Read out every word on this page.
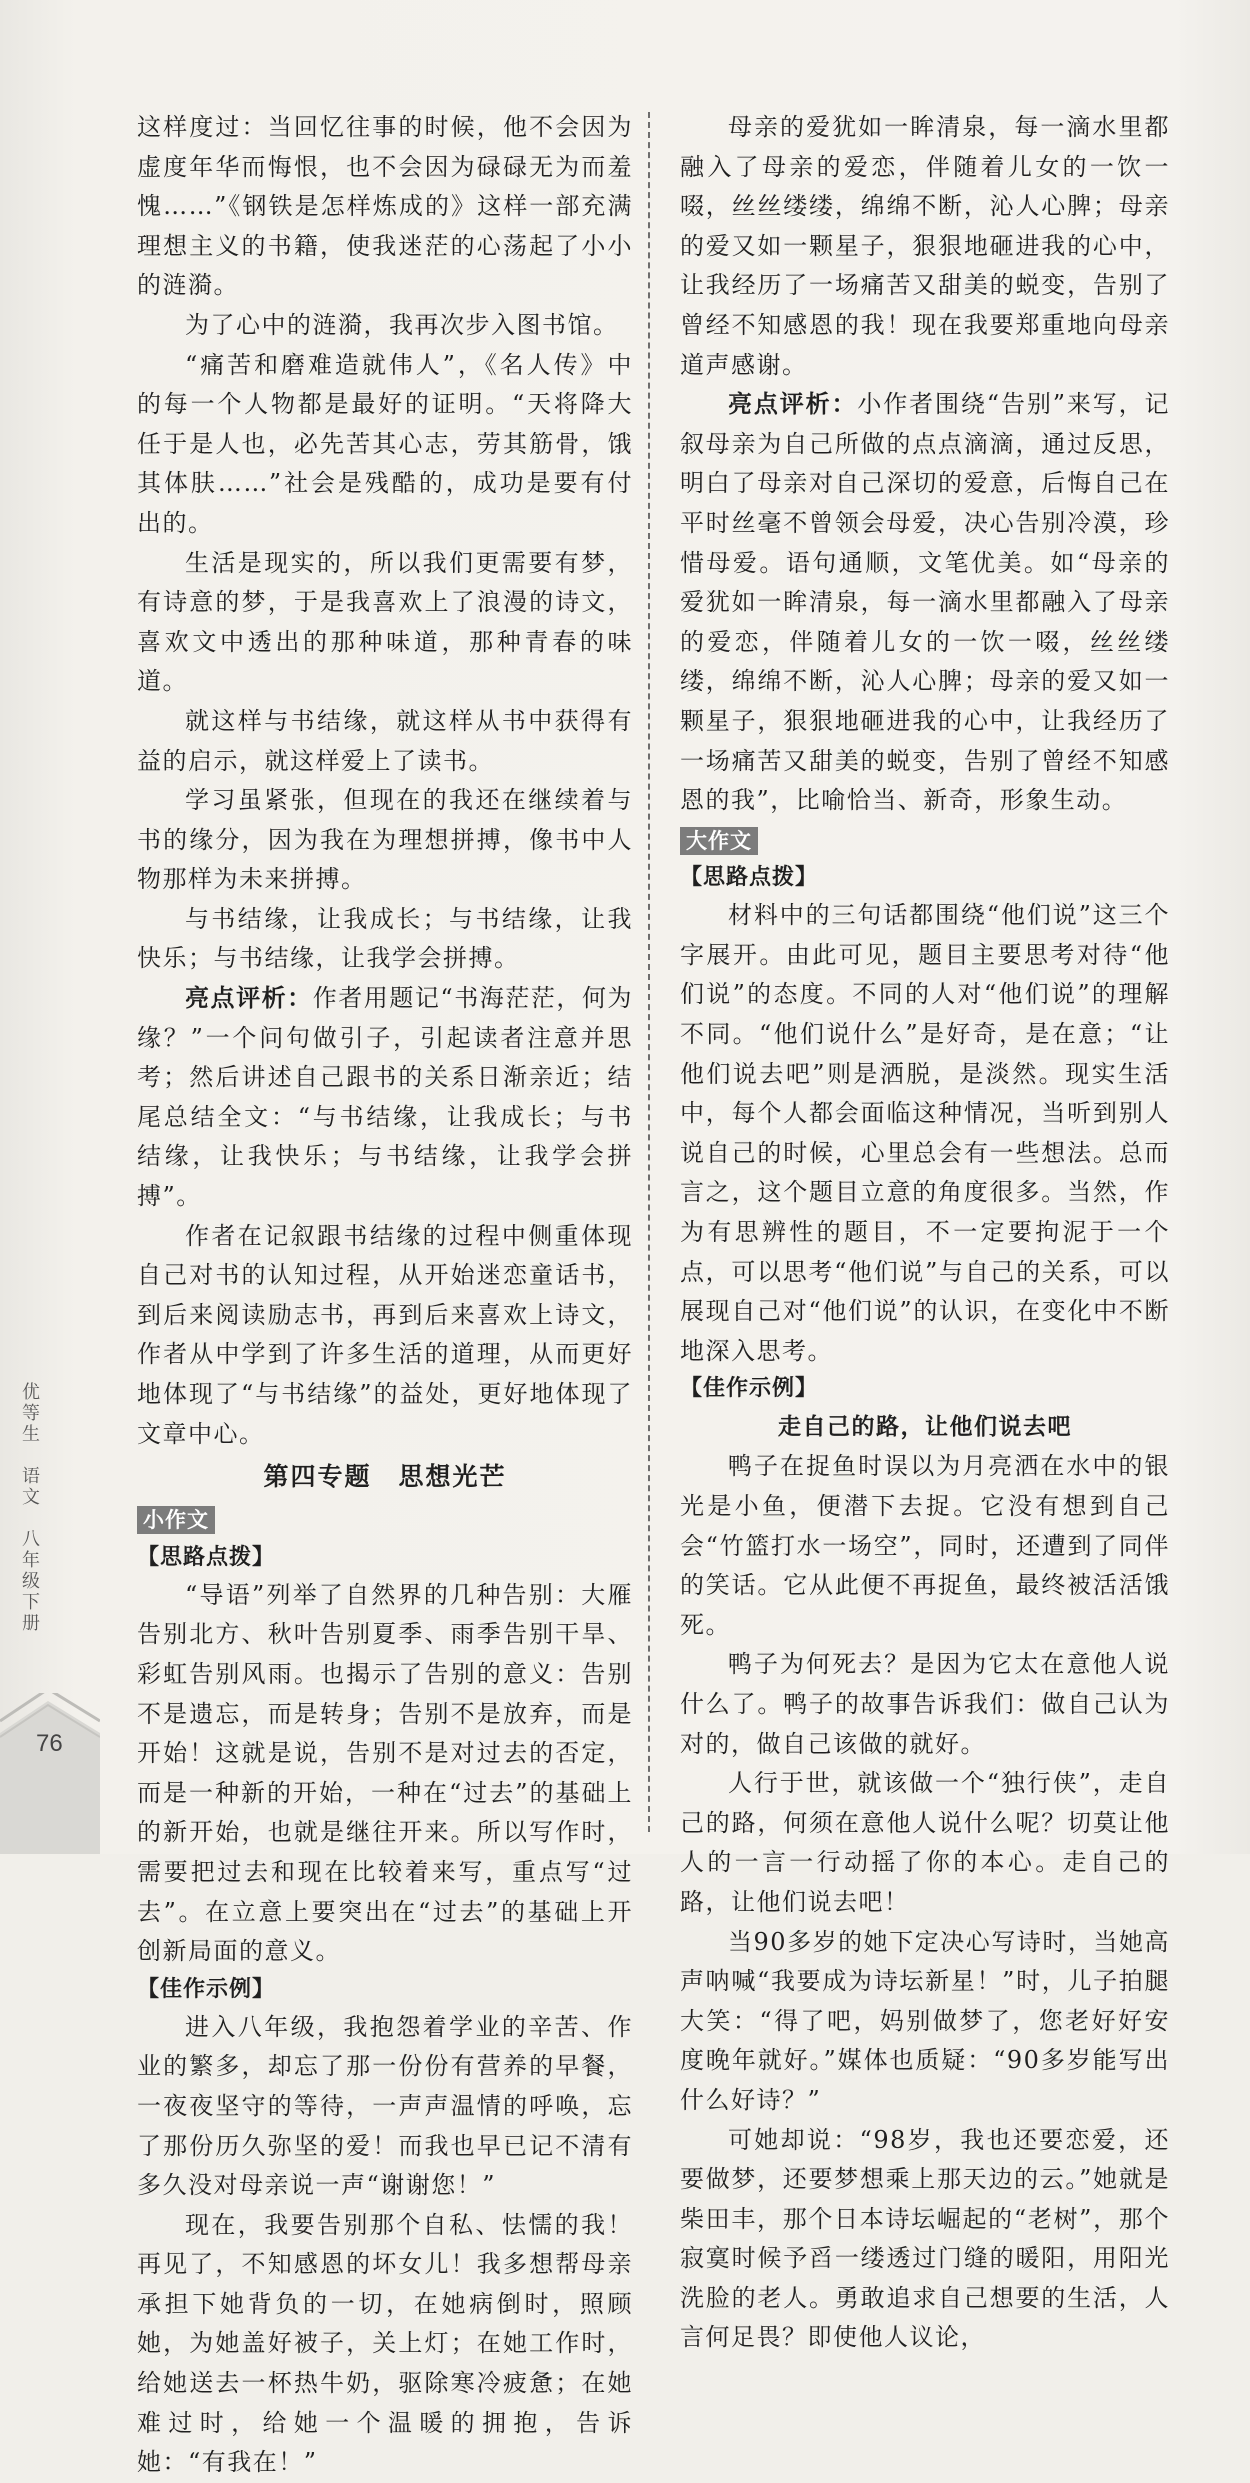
这样度过：当回忆往事的时候，他不会因为虚度年华而悔恨，也不会因为碌碌无为而羞愧……”《钢铁是怎样炼成的》这样一部充满理想主义的书籍，使我迷茫的心荡起了小小的涟漪。

为了心中的涟漪，我再次步入图书馆。

“痛苦和磨难造就伟人”，《名人传》中的每一个人物都是最好的证明。“天将降大任于是人也，必先苦其心志，劳其筋骨，饿其体肤……”社会是残酷的，成功是要有付出的。

生活是现实的，所以我们更需要有梦，有诗意的梦，于是我喜欢上了浪漫的诗文，喜欢文中透出的那种味道，那种青春的味道。

就这样与书结缘，就这样从书中获得有益的启示，就这样爱上了读书。

学习虽紧张，但现在的我还在继续着与书的缘分，因为我在为理想拼搏，像书中人物那样为未来拼搏。

与书结缘，让我成长；与书结缘，让我快乐；与书结缘，让我学会拼搏。

亮点评析：作者用题记“书海茫茫，何为缘？”一个问句做引子，引起读者注意并思考；然后讲述自己跟书的关系日渐亲近；结尾总结全文：“与书结缘，让我成长；与书结缘，让我快乐；与书结缘，让我学会拼搏”。

作者在记叙跟书结缘的过程中侧重体现自己对书的认知过程，从开始迷恋童话书，到后来阅读励志书，再到后来喜欢上诗文，作者从中学到了许多生活的道理，从而更好地体现了“与书结缘”的益处，更好地体现了文章中心。

第四专题　思想光芒
小作文
【思路点拨】

“导语”列举了自然界的几种告别：大雁告别北方、秋叶告别夏季、雨季告别干旱、彩虹告别风雨。也揭示了告别的意义：告别不是遗忘，而是转身；告别不是放弃，而是开始！这就是说，告别不是对过去的否定，而是一种新的开始，一种在“过去”的基础上的新开始，也就是继往开来。所以写作时，需要把过去和现在比较着来写，重点写“过去”。在立意上要突出在“过去”的基础上开创新局面的意义。

【佳作示例】

进入八年级，我抱怨着学业的辛苦、作业的繁多，却忘了那一份份有营养的早餐，一夜夜坚守的等待，一声声温情的呼唤，忘了那份历久弥坚的爱！而我也早已记不清有多久没对母亲说一声“谢谢您！”

现在，我要告别那个自私、怯懦的我！再见了，不知感恩的坏女儿！我多想帮母亲承担下她背负的一切，在她病倒时，照顾她，为她盖好被子，关上灯；在她工作时，给她送去一杯热牛奶，驱除寒冷疲惫；在她难过时，给她一个温暖的拥抱，告诉她：“有我在！”

母亲的爱犹如一眸清泉，每一滴水里都融入了母亲的爱恋，伴随着儿女的一饮一啜，丝丝缕缕，绵绵不断，沁人心脾；母亲的爱又如一颗星子，狠狠地砸进我的心中，让我经历了一场痛苦又甜美的蜕变，告别了曾经不知感恩的我！现在我要郑重地向母亲道声感谢。

亮点评析：小作者围绕“告别”来写，记叙母亲为自己所做的点点滴滴，通过反思，明白了母亲对自己深切的爱意，后悔自己在平时丝毫不曾领会母爱，决心告别冷漠，珍惜母爱。语句通顺，文笔优美。如“母亲的爱犹如一眸清泉，每一滴水里都融入了母亲的爱恋，伴随着儿女的一饮一啜，丝丝缕缕，绵绵不断，沁人心脾；母亲的爱又如一颗星子，狠狠地砸进我的心中，让我经历了一场痛苦又甜美的蜕变，告别了曾经不知感恩的我”，比喻恰当、新奇，形象生动。

大作文
【思路点拨】

材料中的三句话都围绕“他们说”这三个字展开。由此可见，题目主要思考对待“他们说”的态度。不同的人对“他们说”的理解不同。“他们说什么”是好奇，是在意；“让他们说去吧”则是洒脱，是淡然。现实生活中，每个人都会面临这种情况，当听到别人说自己的时候，心里总会有一些想法。总而言之，这个题目立意的角度很多。当然，作为有思辨性的题目，不一定要拘泥于一个点，可以思考“他们说”与自己的关系，可以展现自己对“他们说”的认识，在变化中不断地深入思考。

【佳作示例】
走自己的路，让他们说去吧

鸭子在捉鱼时误以为月亮洒在水中的银光是小鱼，便潜下去捉。它没有想到自己会“竹篮打水一场空”，同时，还遭到了同伴的笑话。它从此便不再捉鱼，最终被活活饿死。

鸭子为何死去？是因为它太在意他人说什么了。鸭子的故事告诉我们：做自己认为对的，做自己该做的就好。

人行于世，就该做一个“独行侠”，走自己的路，何须在意他人说什么呢？切莫让他人的一言一行动摇了你的本心。走自己的路，让他们说去吧！

当90多岁的她下定决心写诗时，当她高声呐喊“我要成为诗坛新星！”时，儿子拍腿大笑：“得了吧，妈别做梦了，您老好好安度晚年就好。”媒体也质疑：“90多岁能写出什么好诗？”

可她却说：“98岁，我也还要恋爱，还要做梦，还要梦想乘上那天边的云。”她就是柴田丰，那个日本诗坛崛起的“老树”，那个寂寞时候予舀一缕透过门缝的暖阳，用阳光洗脸的老人。勇敢追求自己想要的生活，人言何足畏？即使他人议论，

优等生　语文　八年级下册
76
